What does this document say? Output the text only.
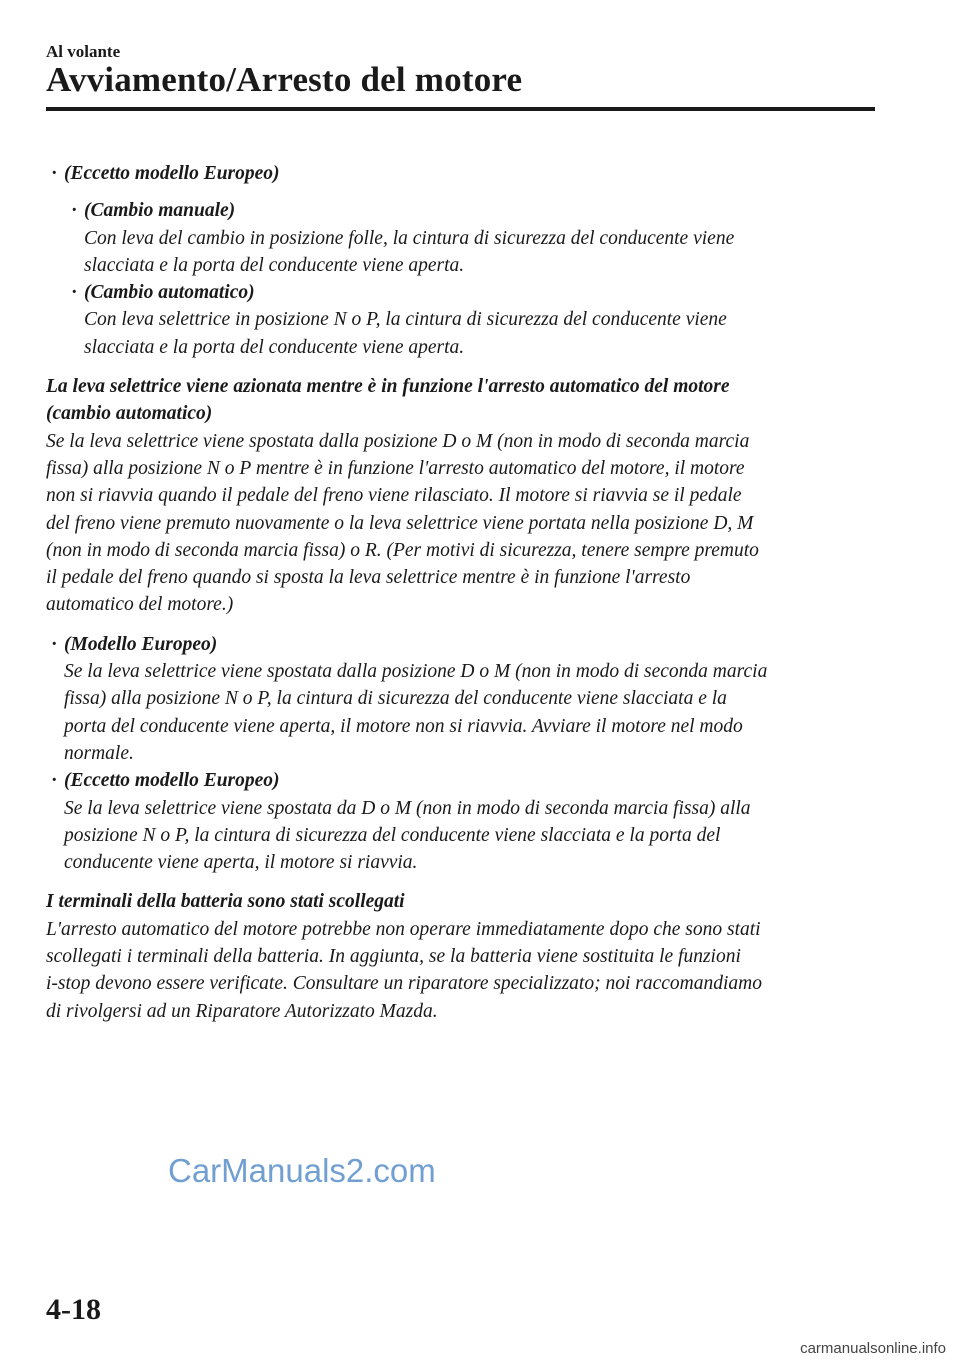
Al volante
Avviamento/Arresto del motore
· (Eccetto modello Europeo)
· (Cambio manuale)
Con leva del cambio in posizione folle, la cintura di sicurezza del conducente viene
slacciata e la porta del conducente viene aperta.
· (Cambio automatico)
Con leva selettrice in posizione N o P, la cintura di sicurezza del conducente viene
slacciata e la porta del conducente viene aperta.
La leva selettrice viene azionata mentre è in funzione l'arresto automatico del motore
(cambio automatico)
Se la leva selettrice viene spostata dalla posizione D o M (non in modo di seconda marcia
fissa) alla posizione N o P mentre è in funzione l'arresto automatico del motore, il motore
non si riavvia quando il pedale del freno viene rilasciato. Il motore si riavvia se il pedale
del freno viene premuto nuovamente o la leva selettrice viene portata nella posizione D, M
(non in modo di seconda marcia fissa) o R. (Per motivi di sicurezza, tenere sempre premuto
il pedale del freno quando si sposta la leva selettrice mentre è in funzione l'arresto
automatico del motore.)
· (Modello Europeo)
Se la leva selettrice viene spostata dalla posizione D o M (non in modo di seconda marcia
fissa) alla posizione N o P, la cintura di sicurezza del conducente viene slacciata e la
porta del conducente viene aperta, il motore non si riavvia. Avviare il motore nel modo
normale.
· (Eccetto modello Europeo)
Se la leva selettrice viene spostata da D o M (non in modo di seconda marcia fissa) alla
posizione N o P, la cintura di sicurezza del conducente viene slacciata e la porta del
conducente viene aperta, il motore si riavvia.
I terminali della batteria sono stati scollegati
L'arresto automatico del motore potrebbe non operare immediatamente dopo che sono stati
scollegati i terminali della batteria. In aggiunta, se la batteria viene sostituita le funzioni
i-stop devono essere verificate. Consultare un riparatore specializzato; noi raccomandiamo
di rivolgersi ad un Riparatore Autorizzato Mazda.
CarManuals2.com
4-18
carmanualsonline.info
